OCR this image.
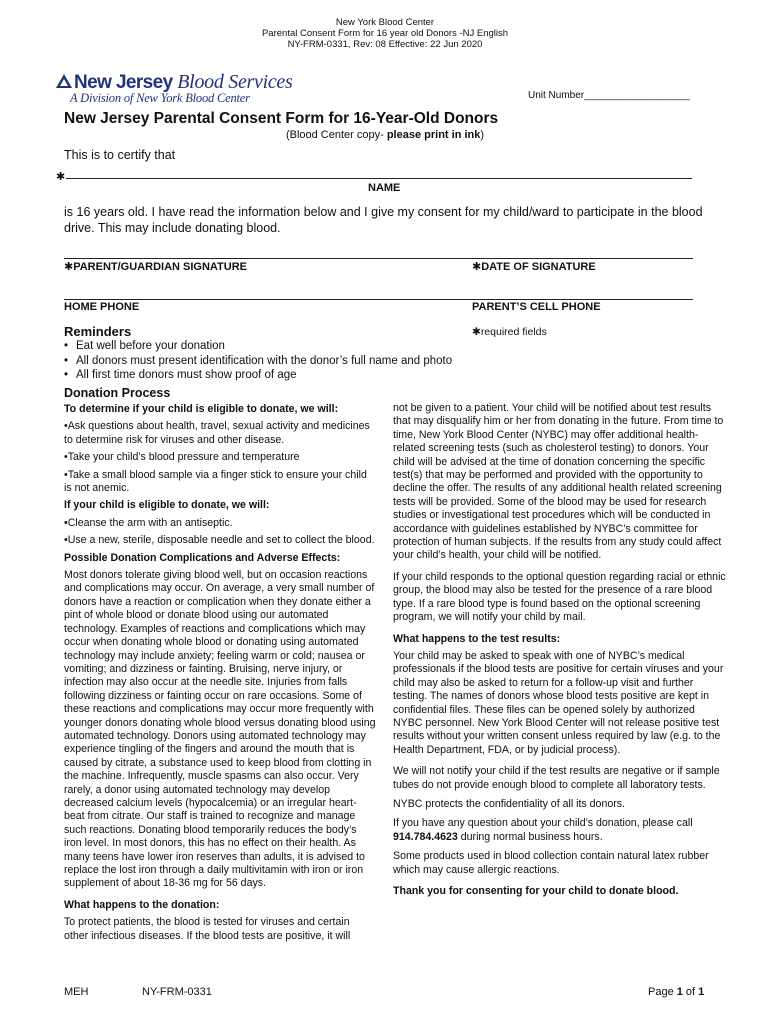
New York Blood Center
Parental Consent Form for 16 year old Donors -NJ English
NY-FRM-0331, Rev: 08 Effective: 22 Jun 2020
New Jersey Blood Services
A Division of New York Blood Center	Unit Number___________________
New Jersey Parental Consent Form for 16-Year-Old Donors
(Blood Center copy- please print in ink)
This is to certify that
✱
NAME
is 16 years old. I have read the information below and I give my consent for my child/ward to participate in the blood drive. This may include donating blood.
✱PARENT/GUARDIAN SIGNATURE	✱DATE OF SIGNATURE
HOME PHONE	PARENT’S CELL PHONE
Reminders	✱required fields
• Eat well before your donation
• All donors must present identification with the donor’s full name and photo
• All first time donors must show proof of age
Donation Process

To determine if your child is eligible to donate, we will:

•Ask questions about health, travel, sexual activity and medicines to determine risk for viruses and other disease.

•Take your child’s blood pressure and temperature

•Take a small blood sample via a finger stick to ensure your child is not anemic.

If your child is eligible to donate, we will:

•Cleanse the arm with an antiseptic.

•Use a new, sterile, disposable needle and set to collect the blood.

Possible Donation Complications and Adverse Effects:

Most donors tolerate giving blood well, but on occasion reactions and complications may occur. On average, a very small number of donors have a reaction or complication when they donate either a pint of whole blood or donate blood using our automated technology. Examples of reactions and complications which may occur when donating whole blood or donating using automated technology may include anxiety; feeling warm or cold; nausea or vomiting; and dizziness or fainting. Bruising, nerve injury, or infection may also occur at the needle site. Injuries from falls following dizziness or fainting occur on rare occasions. Some of these reactions and complications may occur more frequently with younger donors donating whole blood versus donating blood using automated technology. Donors using automated technology may experience tingling of the fingers and around the mouth that is caused by citrate, a substance used to keep blood from clotting in the machine. Infrequently, muscle spasms can also occur. Very rarely, a donor using automated technology may develop decreased calcium levels (hypocalcemia) or an irregular heart-beat from citrate. Our staff is trained to recognize and manage such reactions. Donating blood temporarily reduces the body’s iron level. In most donors, this has no effect on their health. As many teens have lower iron reserves than adults, it is advised to replace the lost iron through a daily multivitamin with iron or iron supplement of about 18-36 mg for 56 days.

What happens to the donation:

To protect patients, the blood is tested for viruses and certain other infectious diseases. If the blood tests are positive, it will

not be given to a patient. Your child will be notified about test results that may disqualify him or her from donating in the future. From time to time, New York Blood Center (NYBC) may offer additional health-related screening tests (such as cholesterol testing) to donors. Your child will be advised at the time of donation concerning the specific test(s) that may be performed and provided with the opportunity to decline the offer. The results of any additional health related screening tests will be provided. Some of the blood may be used for research studies or investigational test procedures which will be conducted in accordance with guidelines established by NYBC’s committee for protection of human subjects. If the results from any study could affect your child’s health, your child will be notified.

If your child responds to the optional question regarding racial or ethnic group, the blood may also be tested for the presence of a rare blood type. If a rare blood type is found based on the optional screening program, we will notify your child by mail.

What happens to the test results:

Your child may be asked to speak with one of NYBC’s medical professionals if the blood tests are positive for certain viruses and your child may also be asked to return for a follow-up visit and further testing. The names of donors whose blood tests positive are kept in confidential files. These files can be opened solely by authorized NYBC personnel. New York Blood Center will not release positive test results without your written consent unless required by law (e.g. to the Health Department, FDA, or by judicial process).

We will not notify your child if the test results are negative or if sample tubes do not provide enough blood to complete all laboratory tests.

NYBC protects the confidentiality of all its donors.

If you have any question about your child’s donation, please call 914.784.4623 during normal business hours.

Some products used in blood collection contain natural latex rubber which may cause allergic reactions.

Thank you for consenting for your child to donate blood.

MEH	NY-FRM-0331	Page 1 of 1
